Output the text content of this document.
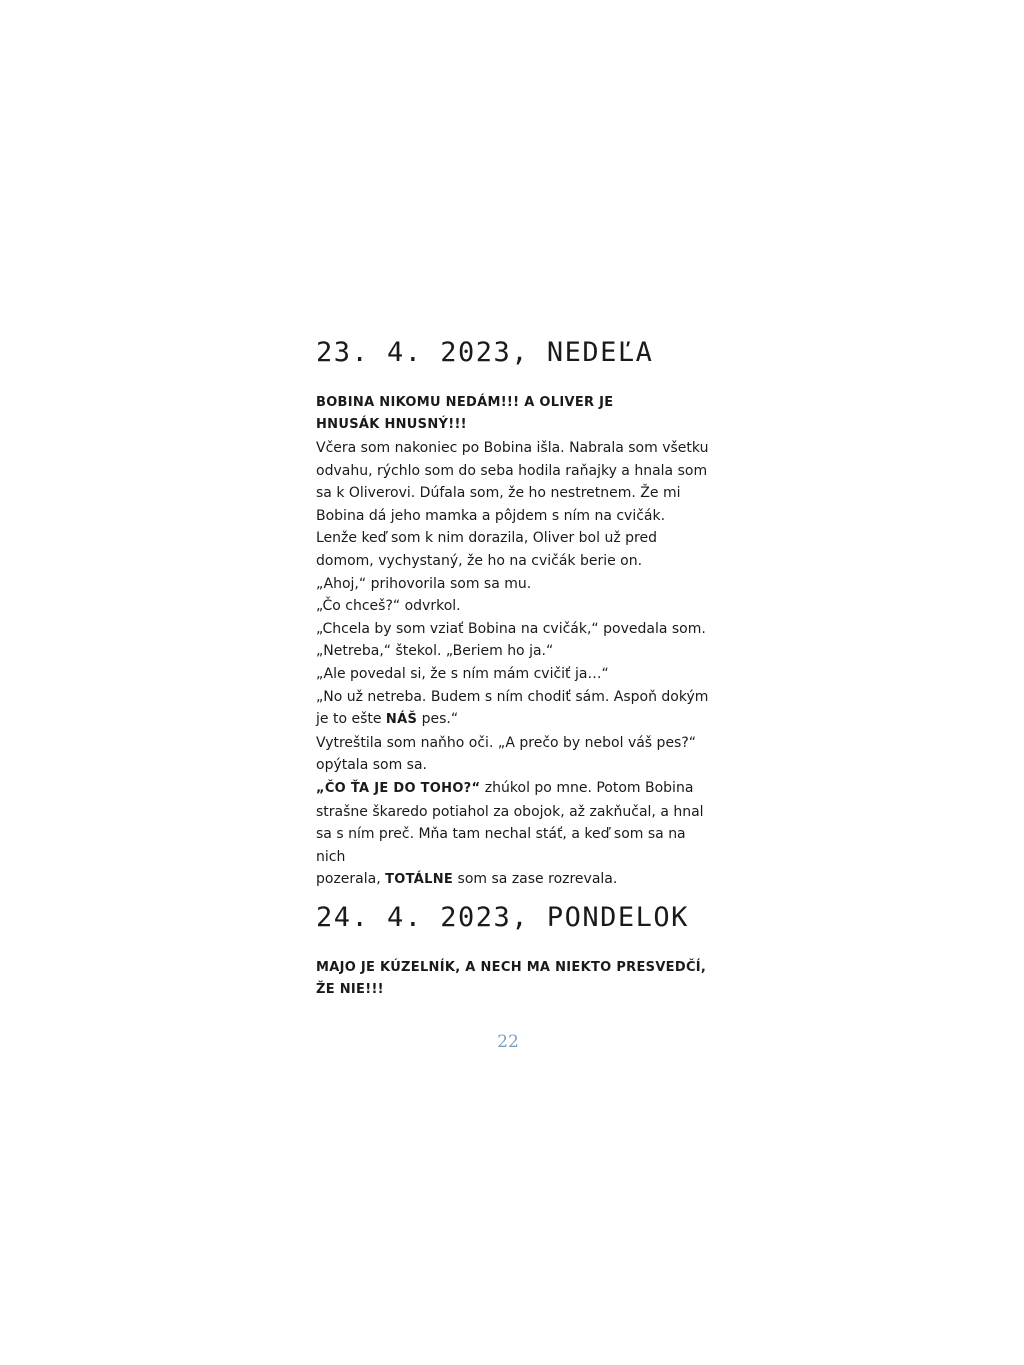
23. 4. 2023, NEDEĽA

BOBINA NIKOMU NEDÁM!!! A OLIVER JE HNUSÁK HNUSNÝ!!!

Včera som nakoniec po Bobina išla. Nabrala som všetku

odvahu, rýchlo som do seba hodila raňajky a hnala som

sa k Oliverovi. Dúfala som, že ho nestretnem. Že mi

Bobina dá jeho mamka a pôjdem s ním na cvičák.

Lenže keď som k nim dorazila, Oliver bol už pred

domom, vychystaný, že ho na cvičák berie on.

„Ahoj,“ prihovorila som sa mu.

„Čo chceš?“ odvrkol.

„Chcela by som vziať Bobina na cvičák,“ povedala som.

„Netreba,“ štekol. „Beriem ho ja.“

„Ale povedal si, že s ním mám cvičiť ja…“

„No už netreba. Budem s ním chodiť sám. Aspoň dokým

je to ešte NÁŠ pes.“

Vytreštila som naňho oči. „A prečo by nebol váš pes?“

opýtala som sa.

„ČO ŤA JE DO TOHO?“ zhúkol po mne. Potom Bobina

strašne škaredo potiahol za obojok, až zakňučal, a hnal

sa s ním preč. Mňa tam nechal stáť, a keď som sa na nich

pozerala, TOTÁLNE som sa zase rozrevala.

24. 4. 2023, PONDELOK

MAJO JE KÚZELNÍK, A NECH MA NIEKTO PRESVEDČÍ,

ŽE NIE!!!

22
